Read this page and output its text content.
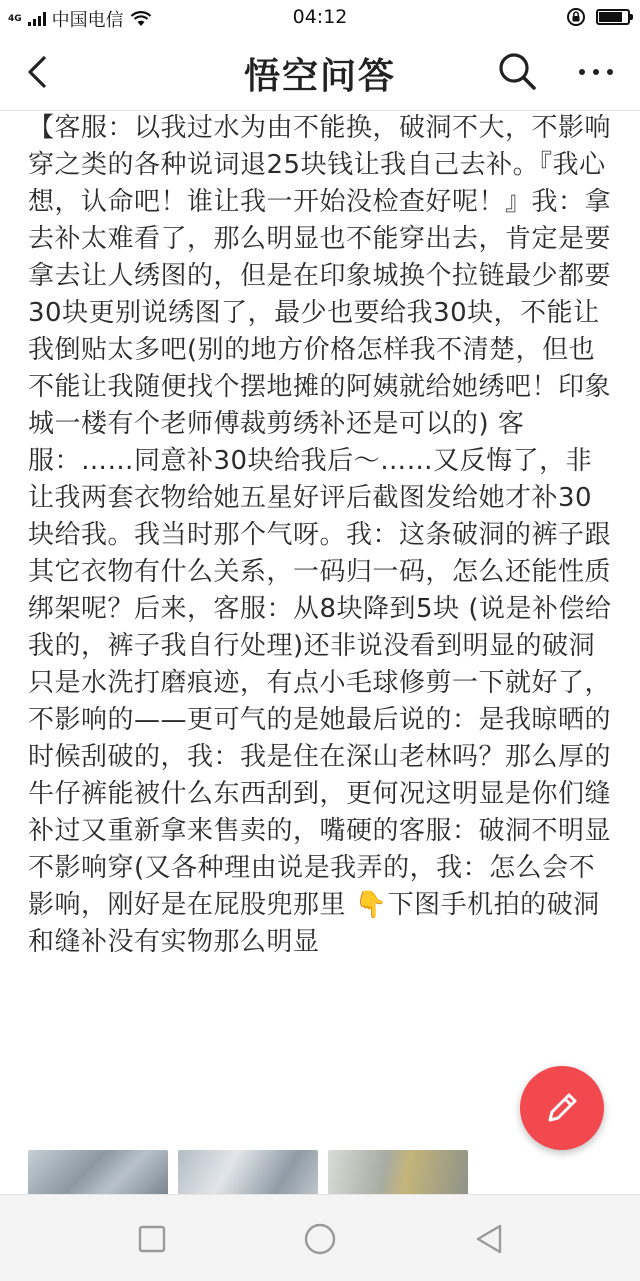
4G 中国电信	04:12
悟空问答

【客服：以我过水为由不能换，破洞不大，不影响穿之类的各种说词退25块钱让我自己去补。『我心想，认命吧！谁让我一开始没检查好呢！』我：拿去补太难看了，那么明显也不能穿出去，肯定是要拿去让人绣图的，但是在印象城换个拉链最少都要30块更别说绣图了，最少也要给我30块，不能让我倒贴太多吧(别的地方价格怎样我不清楚，但也不能让我随便找个摆地摊的阿姨就给她绣吧！印象城一楼有个老师傅裁剪绣补还是可以的) 客服：……同意补30块给我后～……又反悔了，非让我两套衣物给她五星好评后截图发给她才补30块给我。我当时那个气呀。我：这条破洞的裤子跟其它衣物有什么关系，一码归一码，怎么还能性质绑架呢？后来，客服：从8块降到5块 (说是补偿给我的，裤子我自行处理)还非说没看到明显的破洞只是水洗打磨痕迹，有点小毛球修剪一下就好了，不影响的——更可气的是她最后说的：是我晾晒的时候刮破的，我：我是住在深山老林吗？那么厚的牛仔裤能被什么东西刮到，更何况这明显是你们缝补过又重新拿来售卖的，嘴硬的客服：破洞不明显不影响穿(又各种理由说是我弄的，我：怎么会不影响，刚好是在屁股兜那里 👇下图手机拍的破洞和缝补没有实物那么明显
